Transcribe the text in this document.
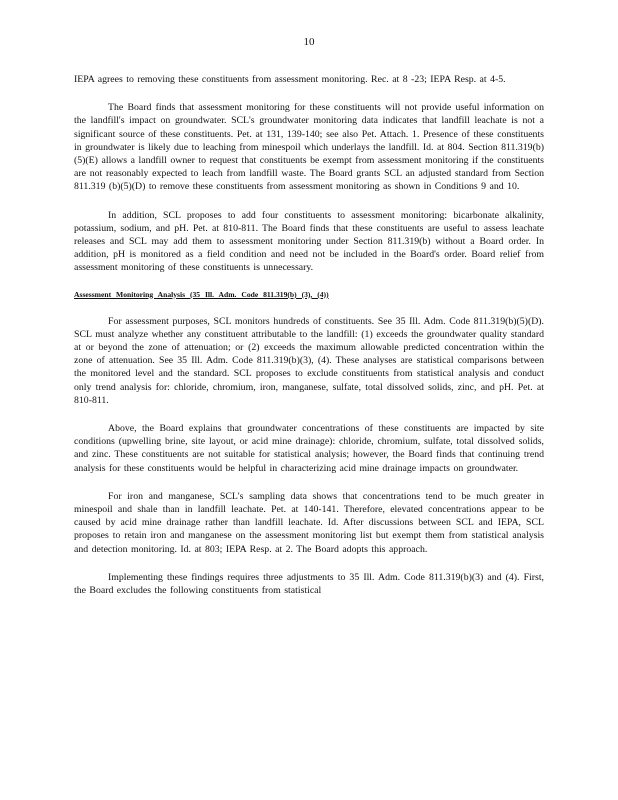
10

IEPA agrees to removing these constituents from assessment monitoring. Rec. at 8 -23; IEPA Resp. at 4-5.

The Board finds that assessment monitoring for these constituents will not provide useful information on the landfill's impact on groundwater. SCL's groundwater monitoring data indicates that landfill leachate is not a significant source of these constituents. Pet. at 131, 139-140; see also Pet. Attach. 1. Presence of these constituents in groundwater is likely due to leaching from minespoil which underlays the landfill. Id. at 804. Section 811.319(b)(5)(E) allows a landfill owner to request that constituents be exempt from assessment monitoring if the constituents are not reasonably expected to leach from landfill waste. The Board grants SCL an adjusted standard from Section 811.319 (b)(5)(D) to remove these constituents from assessment monitoring as shown in Conditions 9 and 10.

In addition, SCL proposes to add four constituents to assessment monitoring: bicarbonate alkalinity, potassium, sodium, and pH. Pet. at 810-811. The Board finds that these constituents are useful to assess leachate releases and SCL may add them to assessment monitoring under Section 811.319(b) without a Board order. In addition, pH is monitored as a field condition and need not be included in the Board's order. Board relief from assessment monitoring of these constituents is unnecessary.

Assessment Monitoring Analysis (35 Ill. Adm. Code 811.319(b) (3), (4))

For assessment purposes, SCL monitors hundreds of constituents. See 35 Ill. Adm. Code 811.319(b)(5)(D). SCL must analyze whether any constituent attributable to the landfill: (1) exceeds the groundwater quality standard at or beyond the zone of attenuation; or (2) exceeds the maximum allowable predicted concentration within the zone of attenuation. See 35 Ill. Adm. Code 811.319(b)(3), (4). These analyses are statistical comparisons between the monitored level and the standard. SCL proposes to exclude constituents from statistical analysis and conduct only trend analysis for: chloride, chromium, iron, manganese, sulfate, total dissolved solids, zinc, and pH. Pet. at 810-811.

Above, the Board explains that groundwater concentrations of these constituents are impacted by site conditions (upwelling brine, site layout, or acid mine drainage): chloride, chromium, sulfate, total dissolved solids, and zinc. These constituents are not suitable for statistical analysis; however, the Board finds that continuing trend analysis for these constituents would be helpful in characterizing acid mine drainage impacts on groundwater.

For iron and manganese, SCL's sampling data shows that concentrations tend to be much greater in minespoil and shale than in landfill leachate. Pet. at 140-141. Therefore, elevated concentrations appear to be caused by acid mine drainage rather than landfill leachate. Id. After discussions between SCL and IEPA, SCL proposes to retain iron and manganese on the assessment monitoring list but exempt them from statistical analysis and detection monitoring. Id. at 803; IEPA Resp. at 2. The Board adopts this approach.

Implementing these findings requires three adjustments to 35 Ill. Adm. Code 811.319(b)(3) and (4). First, the Board excludes the following constituents from statistical
